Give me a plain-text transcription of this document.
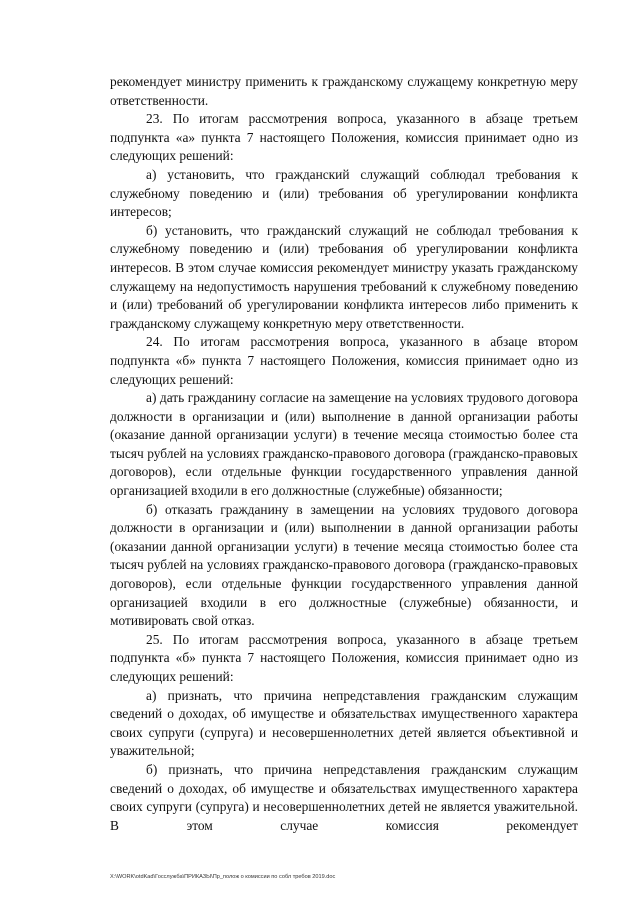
рекомендует министру применить к гражданскому служащему конкретную меру ответственности.

23. По итогам рассмотрения вопроса, указанного в абзаце третьем подпункта «а» пункта 7 настоящего Положения, комиссия принимает одно из следующих решений:

а) установить, что гражданский служащий соблюдал требования к служебному поведению и (или) требования об урегулировании конфликта интересов;

б) установить, что гражданский служащий не соблюдал требования к служебному поведению и (или) требования об урегулировании конфликта интересов. В этом случае комиссия рекомендует министру указать гражданскому служащему на недопустимость нарушения требований к служебному поведению и (или) требований об урегулировании конфликта интересов либо применить к гражданскому служащему конкретную меру ответственности.

24. По итогам рассмотрения вопроса, указанного в абзаце втором подпункта «б» пункта 7 настоящего Положения, комиссия принимает одно из следующих решений:

а) дать гражданину согласие на замещение на условиях трудового договора должности в организации и (или) выполнение в данной организации работы (оказание данной организации услуги) в течение месяца стоимостью более ста тысяч рублей на условиях гражданско-правового договора (гражданско-правовых договоров), если отдельные функции государственного управления данной организацией входили в его должностные (служебные) обязанности;

б) отказать гражданину в замещении на условиях трудового договора должности в организации и (или) выполнении в данной организации работы (оказании данной организации услуги) в течение месяца стоимостью более ста тысяч рублей на условиях гражданско-правового договора (гражданско-правовых договоров), если отдельные функции государственного управления данной организацией входили в его должностные (служебные) обязанности, и мотивировать свой отказ.

25. По итогам рассмотрения вопроса, указанного в абзаце третьем подпункта «б» пункта 7 настоящего Положения, комиссия принимает одно из следующих решений:

а) признать, что причина непредставления гражданским служащим сведений о доходах, об имуществе и обязательствах имущественного характера своих супруги (супруга) и несовершеннолетних детей является объективной и уважительной;

б) признать, что причина непредставления гражданским служащим сведений о доходах, об имуществе и обязательствах имущественного характера своих супруги (супруга) и несовершеннолетних детей не является уважительной. В этом случае комиссия рекомендует

X:\WORK\otdKad\Госслужба\ПРИКАЗЫ\Пр_полож о комиссии по собл требов 2019.doc
